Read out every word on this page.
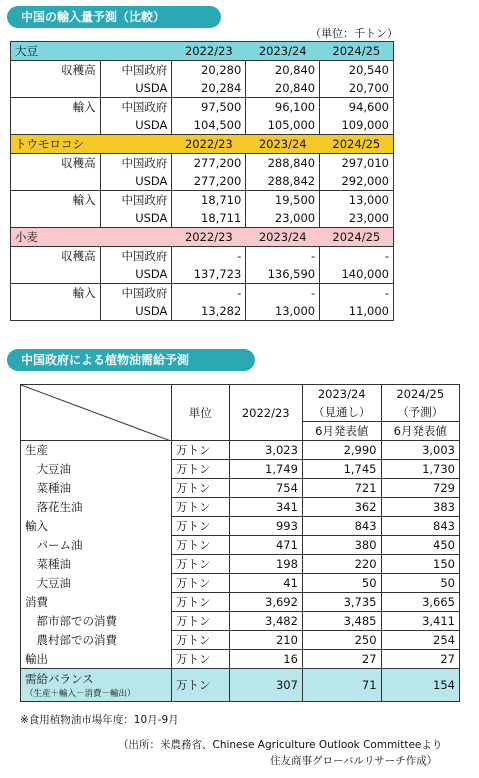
中国の輸入量予測（比較）
（単位：千トン）
大豆		2022/23	2023/24	2024/25
収穫高	中国政府	20,280	20,840	20,540
	USDA	20,284	20,840	20,700
輸入	中国政府	97,500	96,100	94,600
	USDA	104,500	105,000	109,000
トウモロコシ		2022/23	2023/24	2024/25
収穫高	中国政府	277,200	288,840	297,010
	USDA	277,200	288,842	292,000
輸入	中国政府	18,710	19,500	13,000
	USDA	18,711	23,000	23,000
小麦		2022/23	2023/24	2024/25
収穫高	中国政府	-	-	-
	USDA	137,723	136,590	140,000
輸入	中国政府	-	-	-
	USDA	13,282	13,000	11,000
中国政府による植物油需給予測
	単位	2022/23	2023/24	2024/25
			（見通し）	（予測）
			6月発表値	6月発表値
生産	万トン	3,023	2,990	3,003
　大豆油	万トン	1,749	1,745	1,730
　菜種油	万トン	754	721	729
　落花生油	万トン	341	362	383
輸入	万トン	993	843	843
　パーム油	万トン	471	380	450
　菜種油	万トン	198	220	150
　大豆油	万トン	41	50	50
消費	万トン	3,692	3,735	3,665
　都市部での消費	万トン	3,482	3,485	3,411
　農村部での消費	万トン	210	250	254
輸出	万トン	16	27	27

需給バランス
（生産＋輸入－消費－輸出）	万トン	307	71	154
※食用植物油市場年度：10月-9月
（出所：米農務省、Chinese Agriculture Outlook Committeeより
住友商事グローバルリサーチ作成）
